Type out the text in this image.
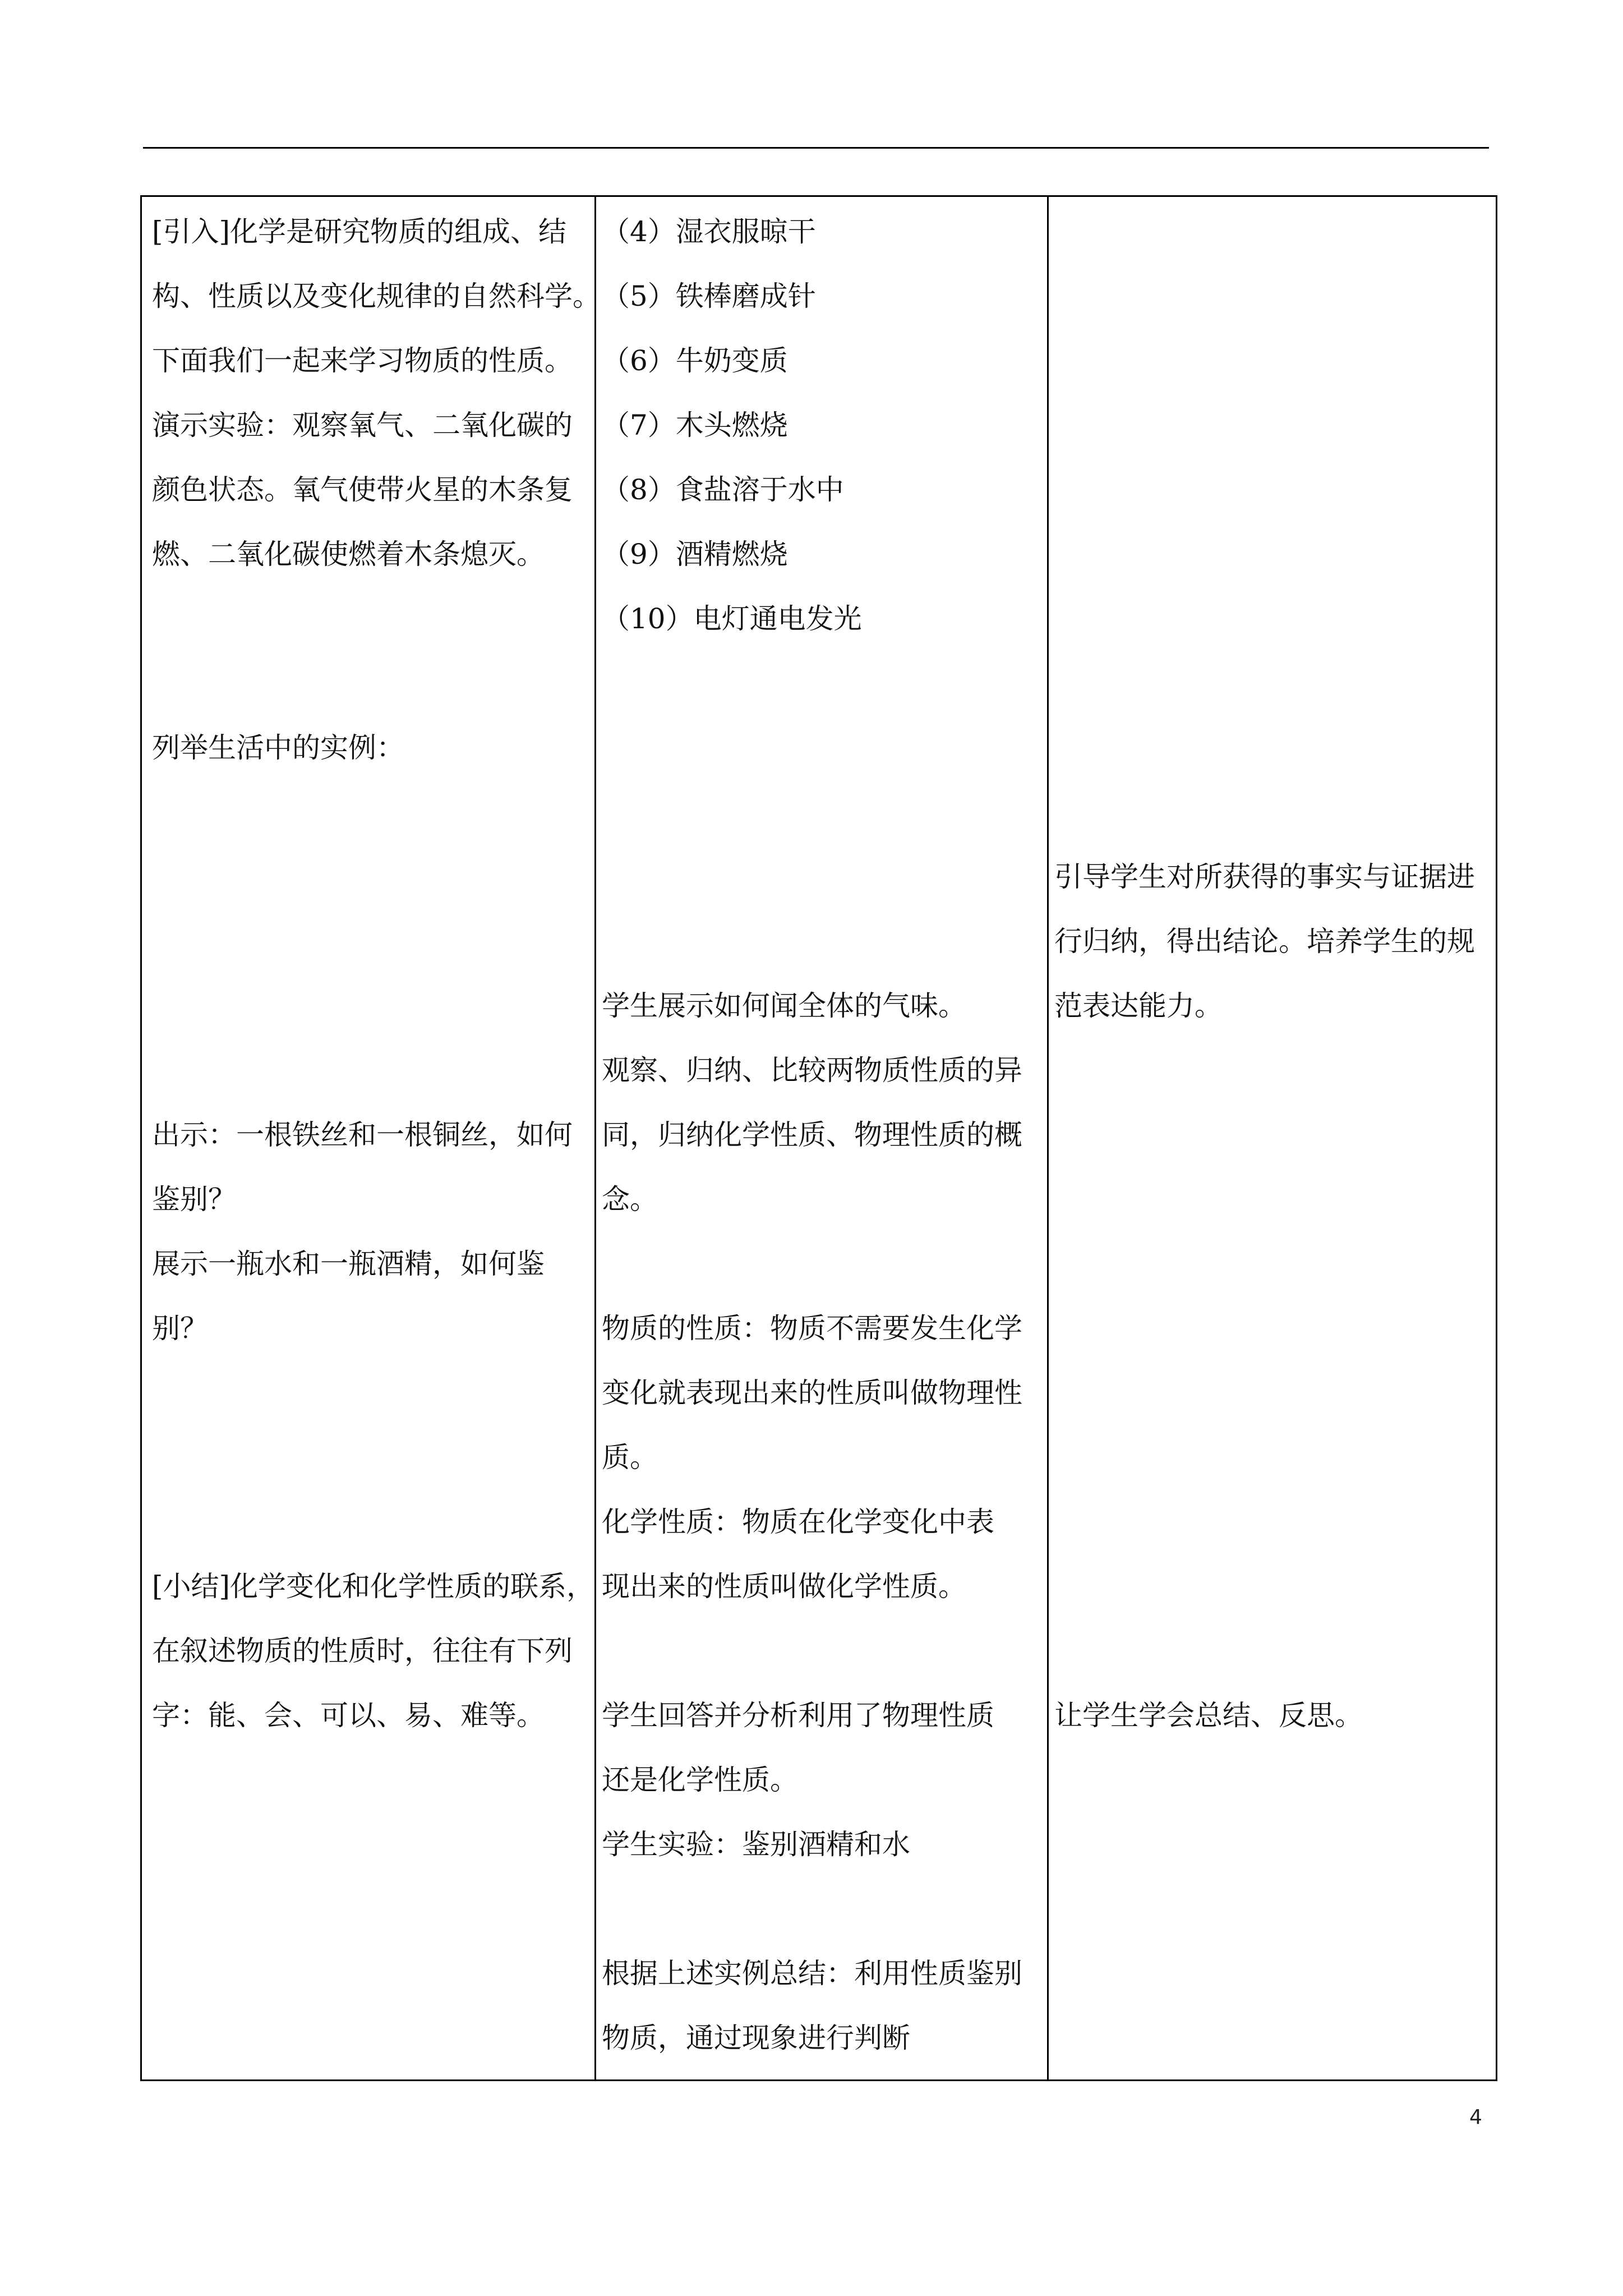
[引入]化学是研究物质的组成、结
构、性质以及变化规律的自然科学。
下面我们一起来学习物质的性质。
演示实验：观察氧气、二氧化碳的
颜色状态。氧气使带火星的木条复
燃、二氧化碳使燃着木条熄灭。
列举生活中的实例：
出示：一根铁丝和一根铜丝，如何
鉴别？
展示一瓶水和一瓶酒精，如何鉴
别？
[小结]化学变化和化学性质的联系，
在叙述物质的性质时，往往有下列
字：能、会、可以、易、难等。
（4）湿衣服晾干
（5）铁棒磨成针
（6）牛奶变质
（7）木头燃烧
（8）食盐溶于水中
（9）酒精燃烧
（10）电灯通电发光
学生展示如何闻全体的气味。
观察、归纳、比较两物质性质的异
同，归纳化学性质、物理性质的概
念。
物质的性质：物质不需要发生化学
变化就表现出来的性质叫做物理性
质。
化学性质：物质在化学变化中表
现出来的性质叫做化学性质。
学生回答并分析利用了物理性质
还是化学性质。
学生实验：鉴别酒精和水
根据上述实例总结：利用性质鉴别
物质，通过现象进行判断
引导学生对所获得的事实与证据进
行归纳，得出结论。培养学生的规
范表达能力。
让学生学会总结、反思。
4
